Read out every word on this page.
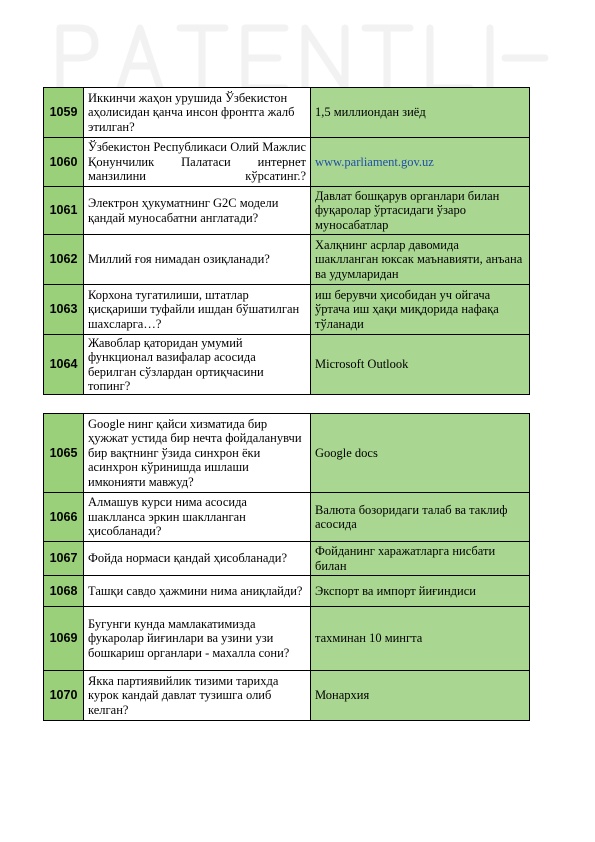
1059	Иккинчи жаҳон урушида Ўзбекистон аҳолисидан қанча инсон фронтга жалб этилган?	1,5 миллиондан зиёд
1060	Ўзбекистон Республикаси Олий Мажлис Қонунчилик Палатаси интернет манзилини кўрсатинг.?	www.parliament.gov.uz
1061	Электрон ҳукуматнинг G2C модели қандай муносабатни англатади?	Давлат бошқарув органлари билан фуқаролар ўртасидаги ўзаро муносабатлар
1062	Миллий ғоя нимадан озиқланади?	Халқнинг асрлар давомида шаклланган юксак маънавияти, анъана ва удумларидан
1063	Корхона тугатилиши, штатлар қисқариши туфайли ишдан бўшатилган шахсларга…?	иш берувчи ҳисобидан уч ойгача ўртача иш ҳақи миқдорида нафақа тўланади
1064	Жавоблар қаторидан умумий функционал вазифалар асосида берилган сўзлардан ортиқчасини топинг?	Microsoft Outlook
1065	Google нинг қайси хизматида бир ҳужжат устида бир нечта фойдаланувчи бир вақтнинг ўзида синхрон ёки асинхрон кўринишда ишлаши имконияти мавжуд?	Google docs
1066	Алмашув курси нима асосида шаклланса эркин шаклланган ҳисобланади?	Валюта бозоридаги талаб ва таклиф асосида
1067	Фойда нормаси қандай ҳисобланади?	Фойданинг харажатларга нисбати билан
1068	Ташқи савдо ҳажмини нима аниқлайди?	Экспорт ва импорт йиғиндиси
1069	Бугунги кунда мамлакатимизда фукаролар йиғинлари ва узини узи бошкариш органлари - махалла сони?	тахминан 10 мингта
1070	Якка партиявийлик тизими тарихда курок кандай давлат тузишга олиб келган?	Монархия
